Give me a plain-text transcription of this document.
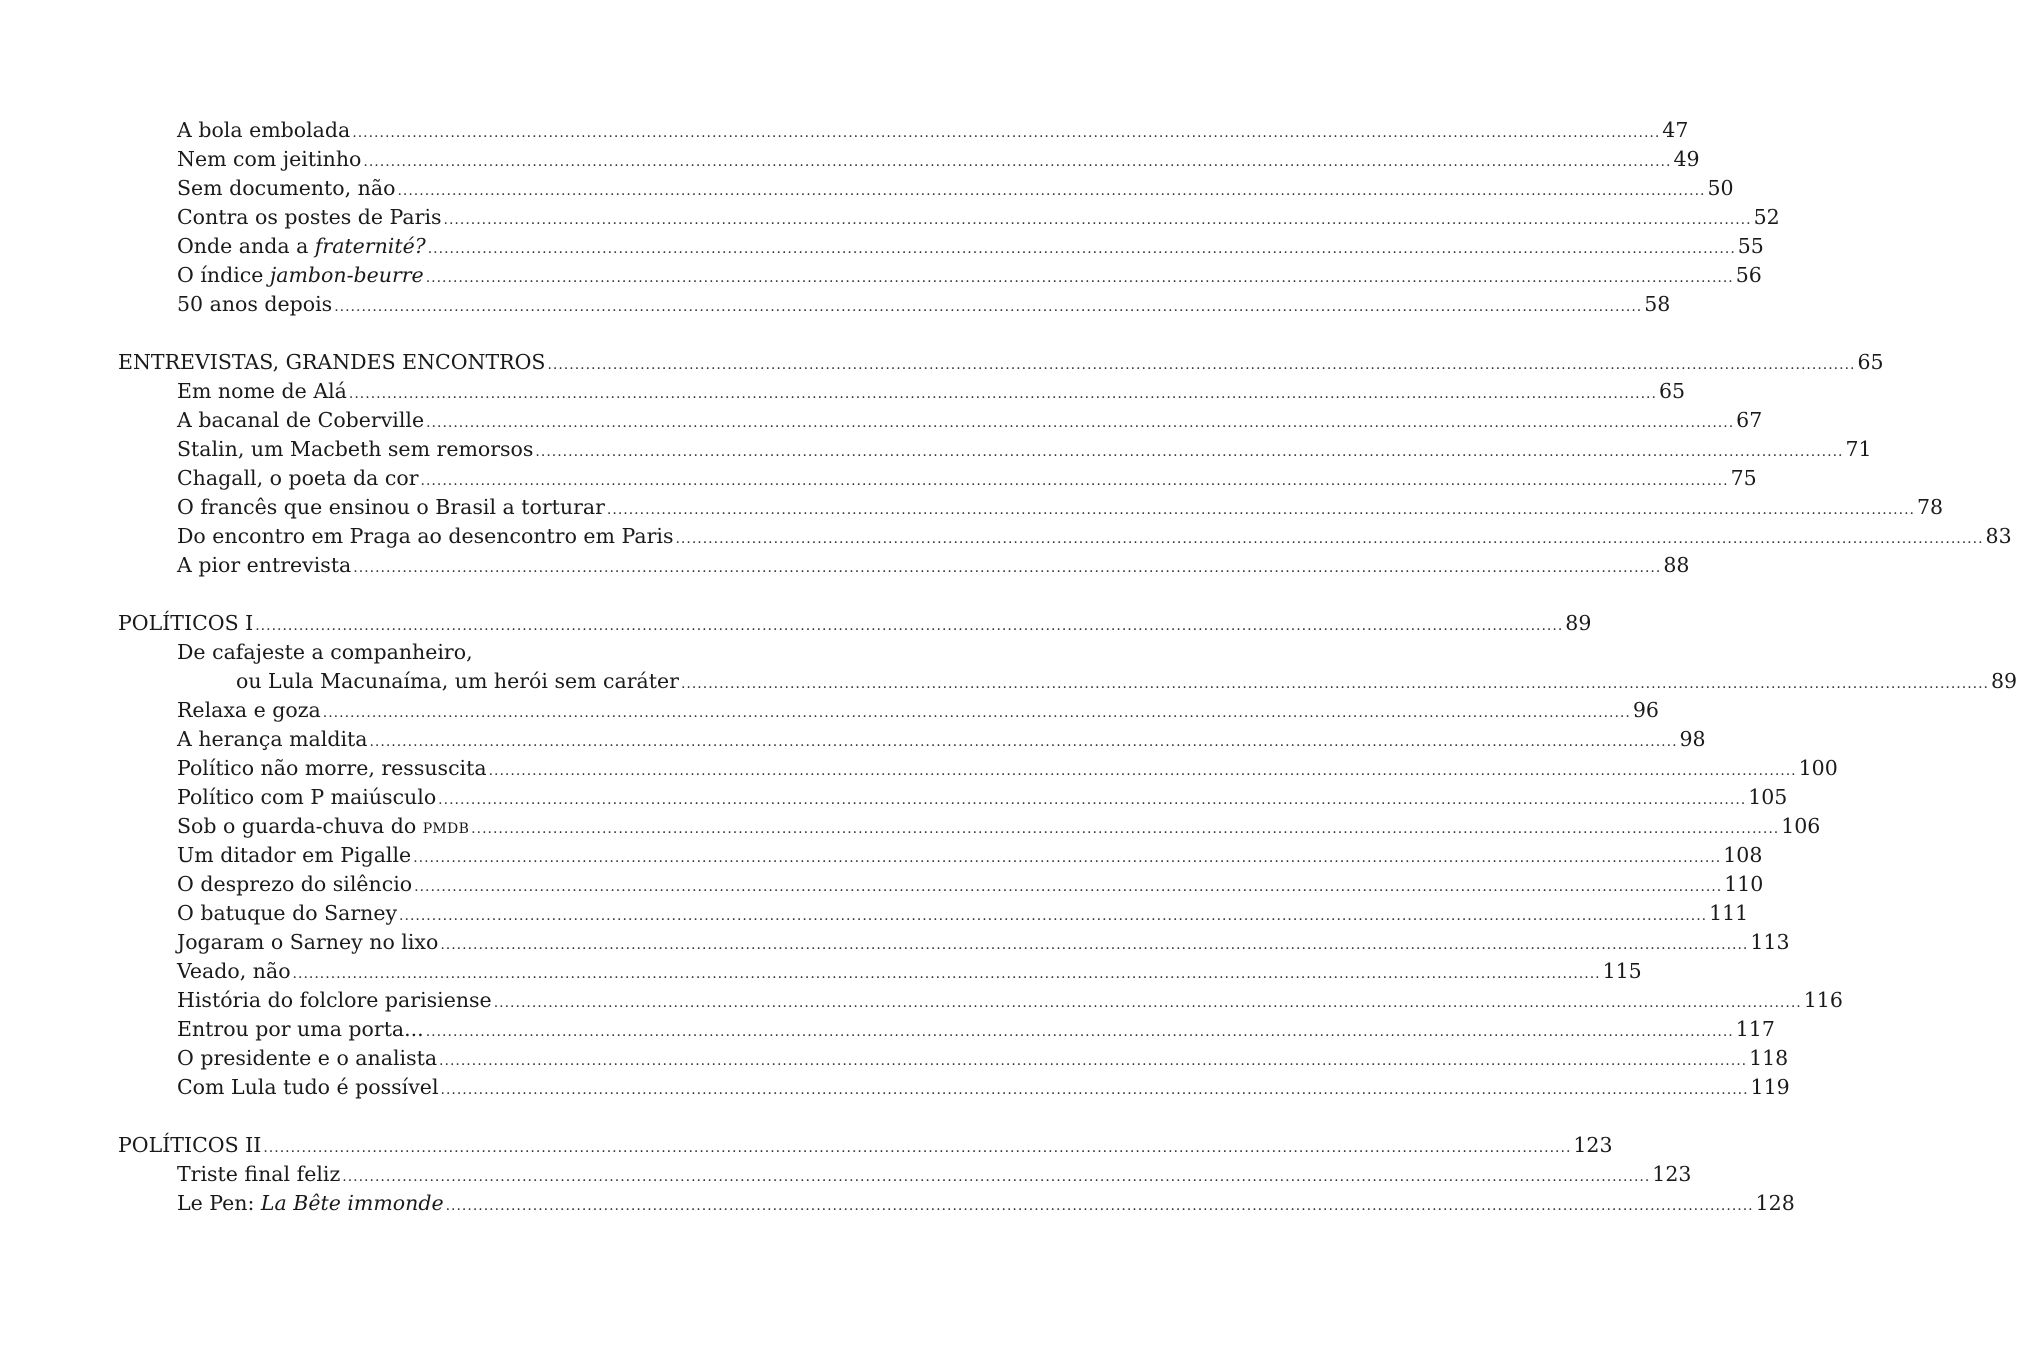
A bola embolada .....	47
Nem com jeitinho .....	49
Sem documento, não .....	50
Contra os postes de Paris .....	52
Onde anda a fraternité? .....	55
O índice jambon-beurre .....	56
50 anos depois .....	58
ENTREVISTAS, GRANDES ENCONTROS .....	65
Em nome de Alá .....	65
A bacanal de Coberville .....	67
Stalin, um Macbeth sem remorsos .....	71
Chagall, o poeta da cor .....	75
O francês que ensinou o Brasil a torturar .....	78
Do encontro em Praga ao desencontro em Paris .....	83
A pior entrevista .....	88
POLÍTICOS I .....	89
De cafajeste a companheiro,
ou Lula Macunaíma, um herói sem caráter .....	89
Relaxa e goza .....	96
A herança maldita .....	98
Político não morre, ressuscita .....	100
Político com P maiúsculo .....	105
Sob o guarda-chuva do PMDB .....	106
Um ditador em Pigalle .....	108
O desprezo do silêncio .....	110
O batuque do Sarney .....	111
Jogaram o Sarney no lixo .....	113
Veado, não .....	115
História do folclore parisiense .....	116
Entrou por uma porta... .....	117
O presidente e o analista .....	118
Com Lula tudo é possível .....	119
POLÍTICOS II .....	123
Triste final feliz .....	123
Le Pen: La Bête immonde .....	128
